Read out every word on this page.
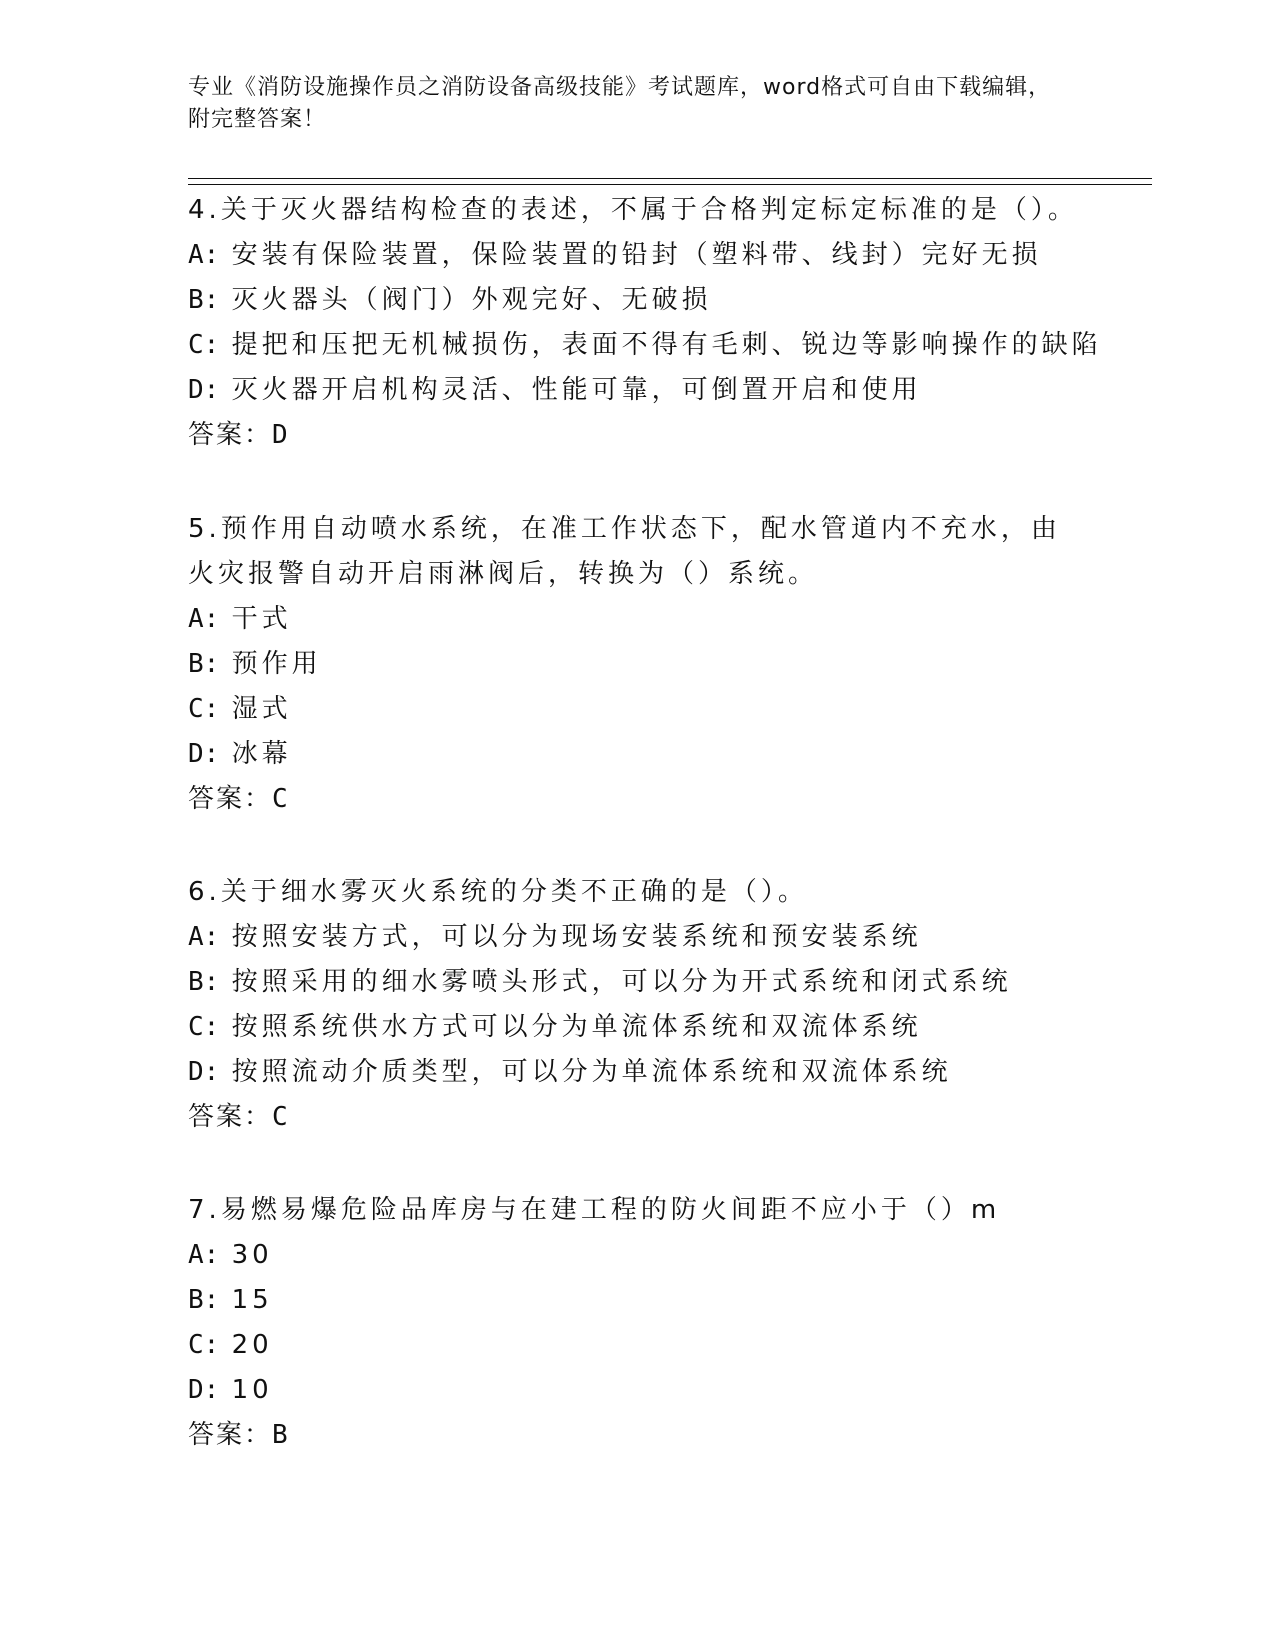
专业《消防设施操作员之消防设备高级技能》考试题库，word格式可自由下载编辑，附完整答案！

4.关于灭火器结构检查的表述，不属于合格判定标定标准的是（）。

A: 安装有保险装置，保险装置的铅封（塑料带、线封）完好无损
B: 灭火器头（阀门）外观完好、无破损
C: 提把和压把无机械损伤，表面不得有毛刺、锐边等影响操作的缺陷
D: 灭火器开启机构灵活、性能可靠，可倒置开启和使用
答案：D

5.预作用自动喷水系统，在准工作状态下，配水管道内不充水，由火灾报警自动开启雨淋阀后，转换为（）系统。

A: 干式
B: 预作用
C: 湿式
D: 冰幕
答案：C

6.关于细水雾灭火系统的分类不正确的是（）。

A: 按照安装方式，可以分为现场安装系统和预安装系统
B: 按照采用的细水雾喷头形式，可以分为开式系统和闭式系统
C: 按照系统供水方式可以分为单流体系统和双流体系统
D: 按照流动介质类型，可以分为单流体系统和双流体系统
答案：C

7.易燃易爆危险品库房与在建工程的防火间距不应小于（）m

A: 30
B: 15
C: 20
D: 10
答案：B
